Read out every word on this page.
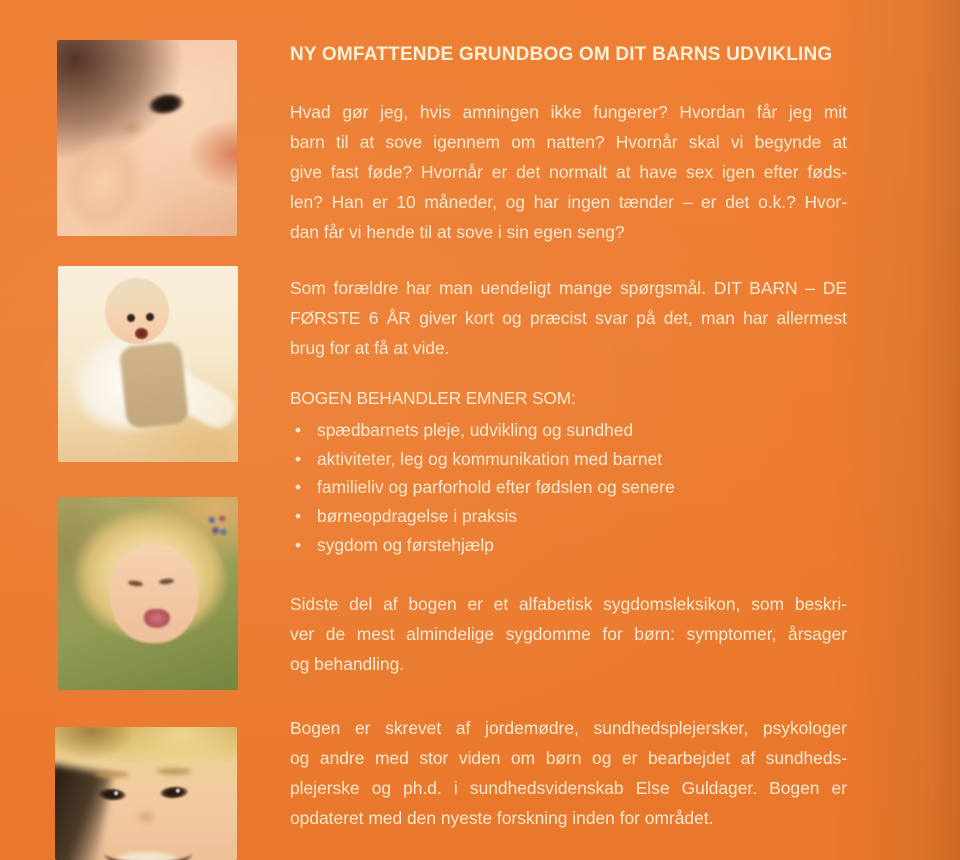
NY OMFATTENDE GRUNDBOG OM DIT BARNS UDVIKLING
Hvad gør jeg, hvis amningen ikke fungerer? Hvordan får jeg mit
barn til at sove igennem om natten? Hvornår skal vi begynde at
give fast føde? Hvornår er det normalt at have sex igen efter føds-
len? Han er 10 måneder, og har ingen tænder – er det o.k.? Hvor-
dan får vi hende til at sove i sin egen seng?
Som forældre har man uendeligt mange spørgsmål. DIT BARN – DE
FØRSTE 6 ÅR giver kort og præcist svar på det, man har allermest
brug for at få at vide.
BOGEN BEHANDLER EMNER SOM:
• spædbarnets pleje, udvikling og sundhed
• aktiviteter, leg og kommunikation med barnet
• familieliv og parforhold efter fødslen og senere
• børneopdragelse i praksis
• sygdom og førstehjælp
Sidste del af bogen er et alfabetisk sygdomsleksikon, som beskri-
ver de mest almindelige sygdomme for børn: symptomer, årsager
og behandling.
Bogen er skrevet af jordemødre, sundhedsplejersker, psykologer
og andre med stor viden om børn og er bearbejdet af sundheds-
plejerske og ph.d. i sundhedsvidenskab Else Guldager. Bogen er
opdateret med den nyeste forskning inden for området.
